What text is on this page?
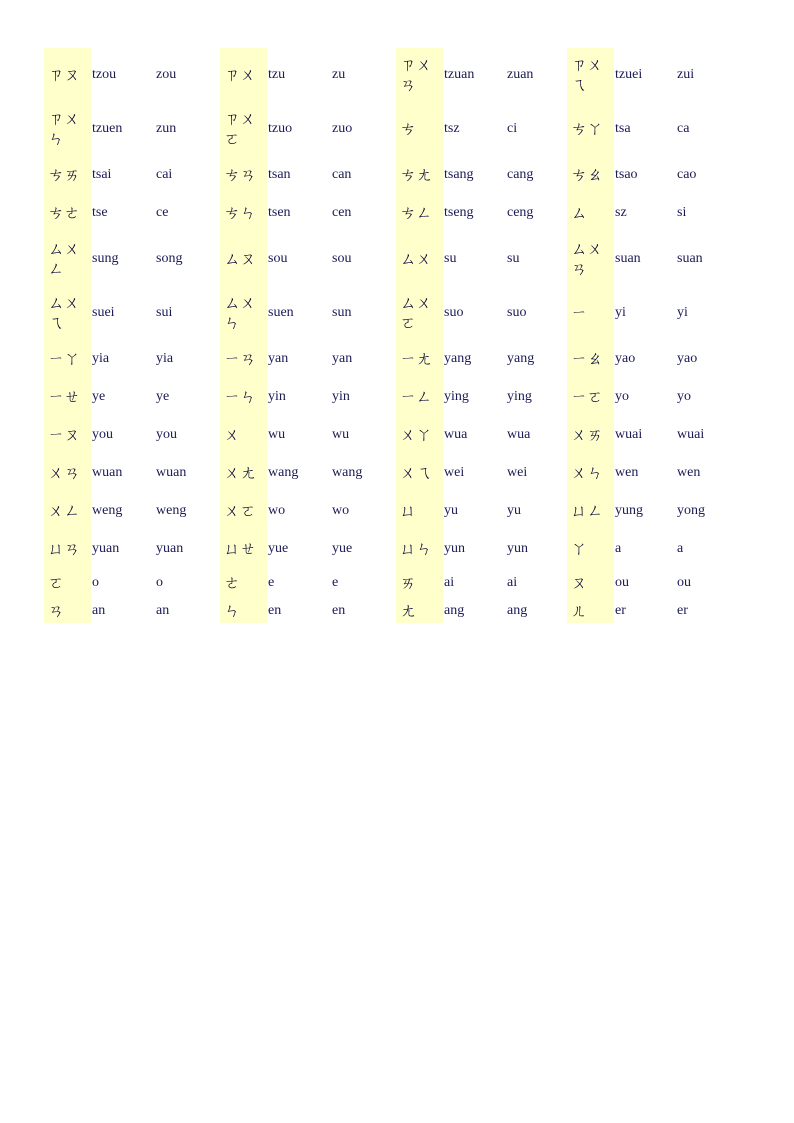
ㄗㄡ	tzou	zou	ㄗㄨ	tzu	zu	ㄗㄨㄢ	tzuan	zuan	ㄗㄨㄟ	tzuei	zui
ㄗㄨㄣ	tzuen	zun	ㄗㄨㄛ	tzuo	zuo	ㄘ	tsz	ci	ㄘㄚ	tsa	ca
ㄘㄞ	tsai	cai	ㄘㄢ	tsan	can	ㄘㄤ	tsang	cang	ㄘㄠ	tsao	cao
ㄘㄜ	tse	ce	ㄘㄣ	tsen	cen	ㄘㄥ	tseng	ceng	ㄙ	sz	si
ㄙㄨㄥ	sung	song	ㄙㄡ	sou	sou	ㄙㄨ	su	su	ㄙㄨㄢ	suan	suan
ㄙㄨㄟ	suei	sui	ㄙㄨㄣ	suen	sun	ㄙㄨㄛ	suo	suo	ㄧ	yi	yi
ㄧㄚ	yia	yia	ㄧㄢ	yan	yan	ㄧㄤ	yang	yang	ㄧㄠ	yao	yao
ㄧㄝ	ye	ye	ㄧㄣ	yin	yin	ㄧㄥ	ying	ying	ㄧㄛ	yo	yo
ㄧㄡ	you	you	ㄨ	wu	wu	ㄨㄚ	wua	wua	ㄨㄞ	wuai	wuai
ㄨㄢ	wuan	wuan	ㄨㄤ	wang	wang	ㄨㄟ	wei	wei	ㄨㄣ	wen	wen
ㄨㄥ	weng	weng	ㄨㄛ	wo	wo	ㄩ	yu	yu	ㄩㄥ	yung	yong
ㄩㄢ	yuan	yuan	ㄩㄝ	yue	yue	ㄩㄣ	yun	yun	ㄚ	a	a
ㄛ	o	o	ㄜ	e	e	ㄞ	ai	ai	ㄡ	ou	ou
ㄢ	an	an	ㄣ	en	en	ㄤ	ang	ang	ㄦ	er	er
